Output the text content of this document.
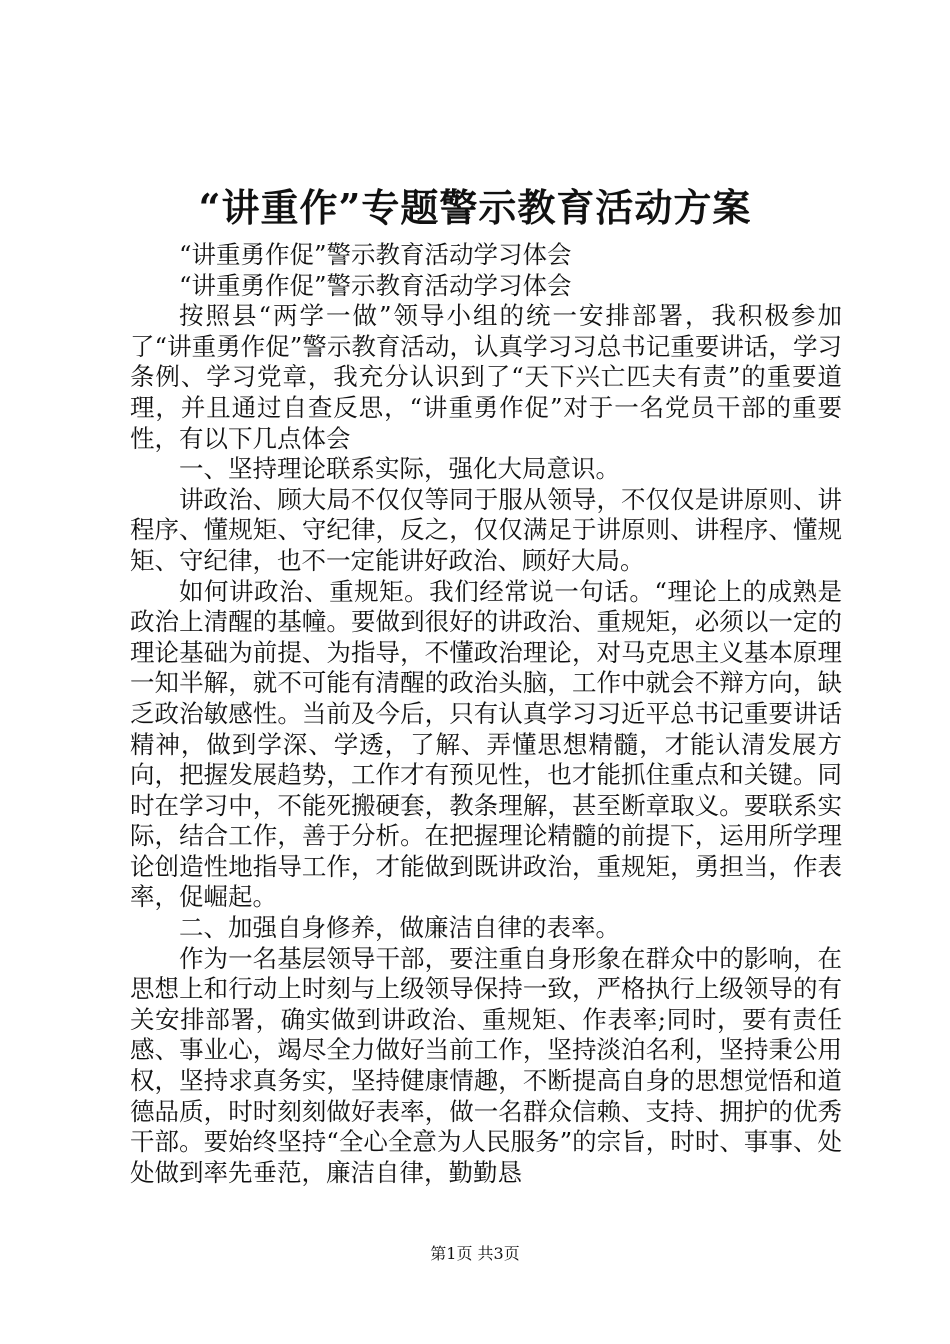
“讲重作”专题警示教育活动方案

“讲重勇作促”警示教育活动学习体会

“讲重勇作促”警示教育活动学习体会

按照县“两学一做”领导小组的统一安排部署，我积极参加了“讲重勇作促”警示教育活动，认真学习习总书记重要讲话，学习条例、学习党章，我充分认识到了“天下兴亡匹夫有责”的重要道理，并且通过自查反思，“讲重勇作促”对于一名党员干部的重要性，有以下几点体会

一、坚持理论联系实际，强化大局意识。

讲政治、顾大局不仅仅等同于服从领导，不仅仅是讲原则、讲程序、懂规矩、守纪律，反之，仅仅满足于讲原则、讲程序、懂规矩、守纪律，也不一定能讲好政治、顾好大局。

如何讲政治、重规矩。我们经常说一句话。“理论上的成熟是政治上清醒的基幢。要做到很好的讲政治、重规矩，必须以一定的理论基础为前提、为指导，不懂政治理论，对马克思主义基本原理一知半解，就不可能有清醒的政治头脑，工作中就会不辩方向，缺乏政治敏感性。当前及今后，只有认真学习习近平总书记重要讲话精神，做到学深、学透，了解、弄懂思想精髓，才能认清发展方向，把握发展趋势，工作才有预见性，也才能抓住重点和关键。同时在学习中，不能死搬硬套，教条理解，甚至断章取义。要联系实际，结合工作，善于分析。在把握理论精髓的前提下，运用所学理论创造性地指导工作，才能做到既讲政治，重规矩，勇担当，作表率，促崛起。

二、加强自身修养，做廉洁自律的表率。

作为一名基层领导干部，要注重自身形象在群众中的影响，在思想上和行动上时刻与上级领导保持一致，严格执行上级领导的有关安排部署，确实做到讲政治、重规矩、作表率;同时，要有责任感、事业心，竭尽全力做好当前工作，坚持淡泊名利，坚持秉公用权，坚持求真务实，坚持健康情趣，不断提高自身的思想觉悟和道德品质，时时刻刻做好表率，做一名群众信赖、支持、拥护的优秀干部。要始终坚持“全心全意为人民服务”的宗旨，时时、事事、处处做到率先垂范，廉洁自律，勤勤恳

第1页 共3页
